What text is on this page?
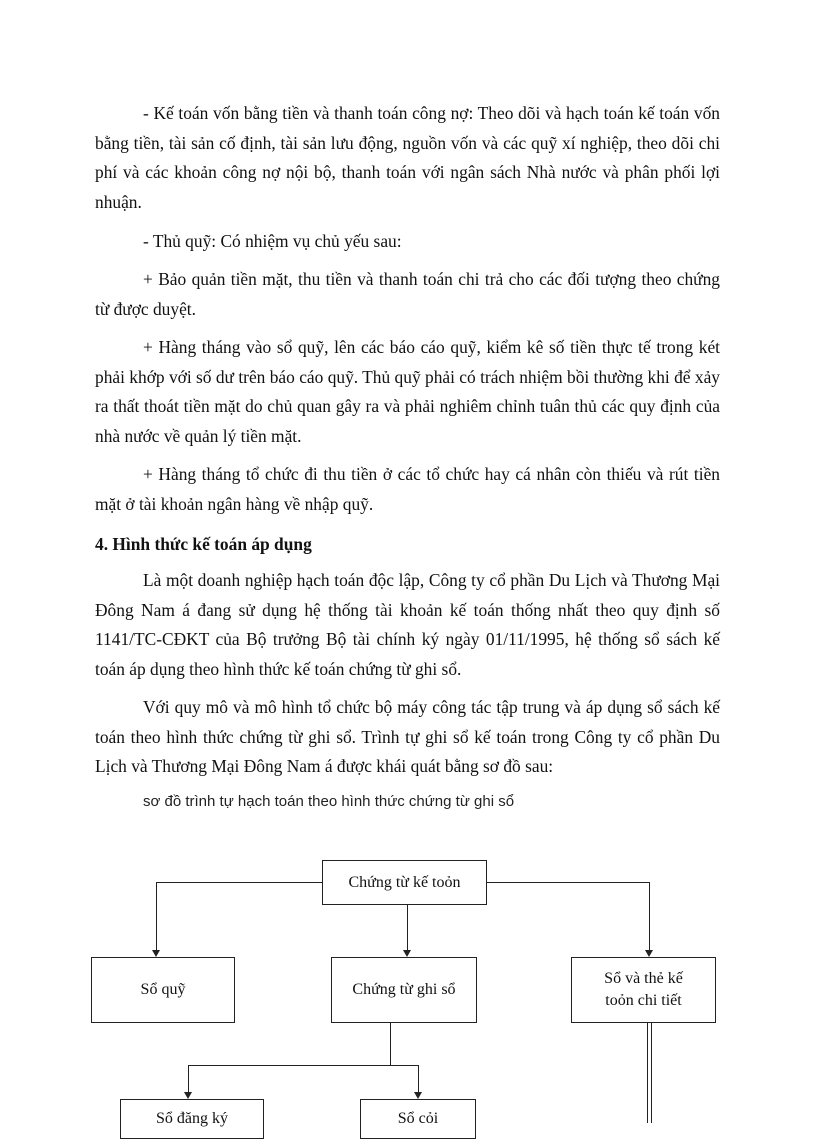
- Kế toán vốn bằng tiền và thanh toán công nợ: Theo dõi và hạch toán kế toán vốn bằng tiền, tài sản cố định, tài sản lưu động, nguồn vốn và các quỹ xí nghiệp, theo dõi chi phí và các khoản công nợ nội bộ, thanh toán với ngân sách Nhà nước và phân phối lợi nhuận.

- Thủ quỹ: Có nhiệm vụ chủ yếu sau:

+ Bảo quản tiền mặt, thu tiền và thanh toán chi trả cho các đối tượng theo chứng từ được duyệt.

+ Hàng tháng vào sổ quỹ, lên các báo cáo quỹ, kiểm kê số tiền thực tế trong két phải khớp với số dư trên báo cáo quỹ. Thủ quỹ phải có trách nhiệm bồi thường khi để xảy ra thất thoát tiền mặt do chủ quan gây ra và phải nghiêm chỉnh tuân thủ các quy định của nhà nước về quản lý tiền mặt.

+ Hàng tháng tổ chức đi thu tiền ở các tổ chức hay cá nhân còn thiếu và rút tiền mặt ở tài khoản ngân hàng về nhập quỹ.

4. Hình thức kế toán áp dụng

Là một doanh nghiệp hạch toán độc lập, Công ty cổ phần Du Lịch và Thương Mại Đông Nam á đang sử dụng hệ thống tài khoản kế toán thống nhất theo quy định số 1141/TC-CĐKT của Bộ trưởng Bộ tài chính ký ngày 01/11/1995, hệ thống sổ sách kế toán áp dụng theo hình thức kế toán chứng từ ghi sổ.

Với quy mô và mô hình tổ chức bộ máy công tác tập trung và áp dụng sổ sách kế toán theo hình thức chứng từ ghi sổ. Trình tự ghi sổ kế toán trong Công ty cổ phần Du Lịch và Thương Mại Đông Nam á được khái quát bằng sơ đồ sau:

sơ đồ trình tự hạch toán theo hình thức chứng từ ghi sổ

Chứng từ kế toỏn
Sổ quỹ	Chứng từ ghi sổ
Sổ và thẻ kế
toỏn chi tiết
Sổ đăng ký	Sổ cỏi
